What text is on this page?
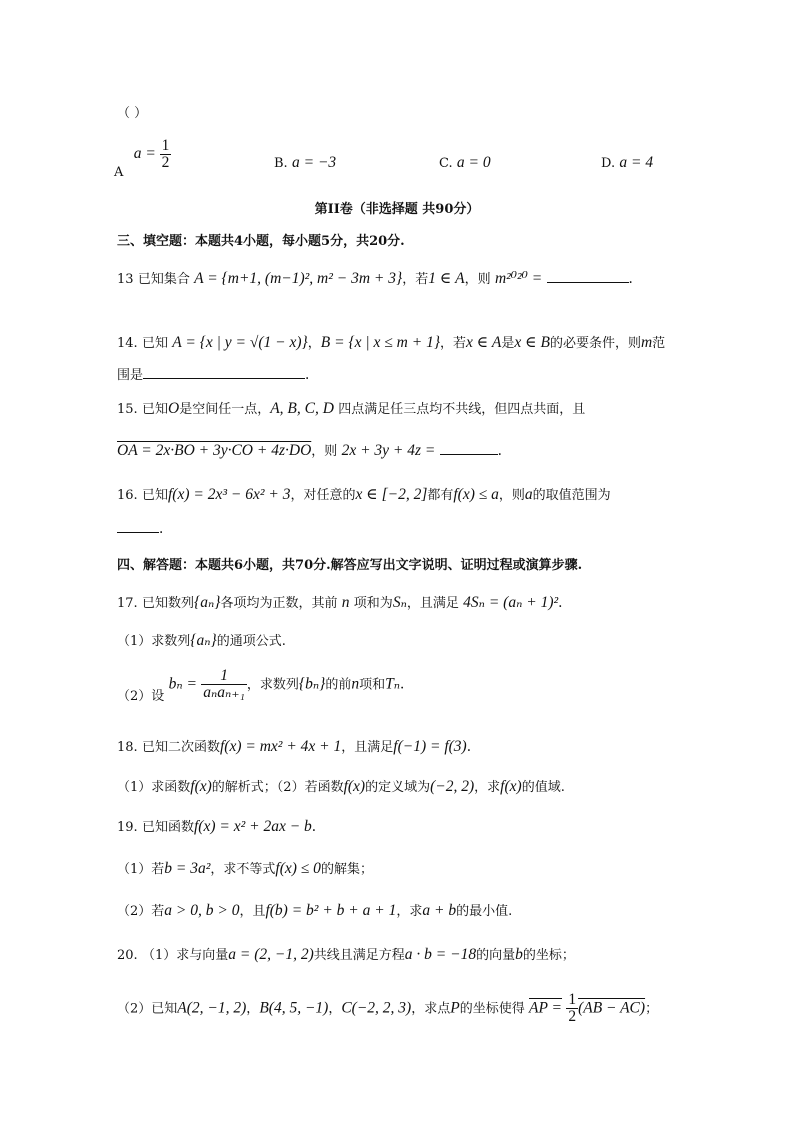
（ ）
A $a = \frac{1}{2}$	B. a = −3	C. a = 0	D. a = 4
第II卷（非选择题 共90分）
三、填空题：本题共4小题，每小题5分，共20分.
13 已知集合 A = {m+1, (m−1)², m² − 3m + 3}，若1 ∈ A，则 m²⁰²⁰ =	.
14. 已知 A = {x | y = √(1 − x)}，B = {x | x ≤ m + 1}，若x ∈ A是x ∈ B的必要条件，则m范
围是	.
15. 已知O是空间任一点，A, B, C, D 四点满足任三点均不共线，但四点共面，且
OA = 2x·BO + 3y·CO + 4z·DO，则 2x + 3y + 4z =	.
16. 已知f(x) = 2x³ − 6x² + 3，对任意的x ∈ [−2, 2]都有f(x) ≤ a，则a的取值范围为
.
四、解答题：本题共6小题，共70分.解答应写出文字说明、证明过程或演算步骤.
17. 已知数列{aₙ}各项均为正数，其前 n 项和为Sₙ，且满足 4Sₙ = (aₙ + 1)².
（1）求数列{aₙ}的通项公式.
（2）设 $b_n = \frac{1}{\text{aₙaₙ₊₁}}$ ，求数列{bₙ}的前n项和Tₙ.
18. 已知二次函数f(x) = mx² + 4x + 1，且满足f(−1) = f(3).
（1）求函数f(x)的解析式；（2）若函数f(x)的定义域为(−2, 2)，求f(x)的值域.
19. 已知函数f(x) = x² + 2ax − b.
（1）若b = 3a²，求不等式f(x) ≤ 0的解集；
（2）若a > 0, b > 0，且f(b) = b² + b + a + 1，求a + b的最小值.
20. （1）求与向量a = (2, −1, 2)共线且满足方程a · b = −18的向量b的坐标；
（2）已知A(2, −1, 2)，B(4, 5, −1)，C(−2, 2, 3)，求点P的坐标使得 AP = $\frac{1}{2} (AB - AC)$；
